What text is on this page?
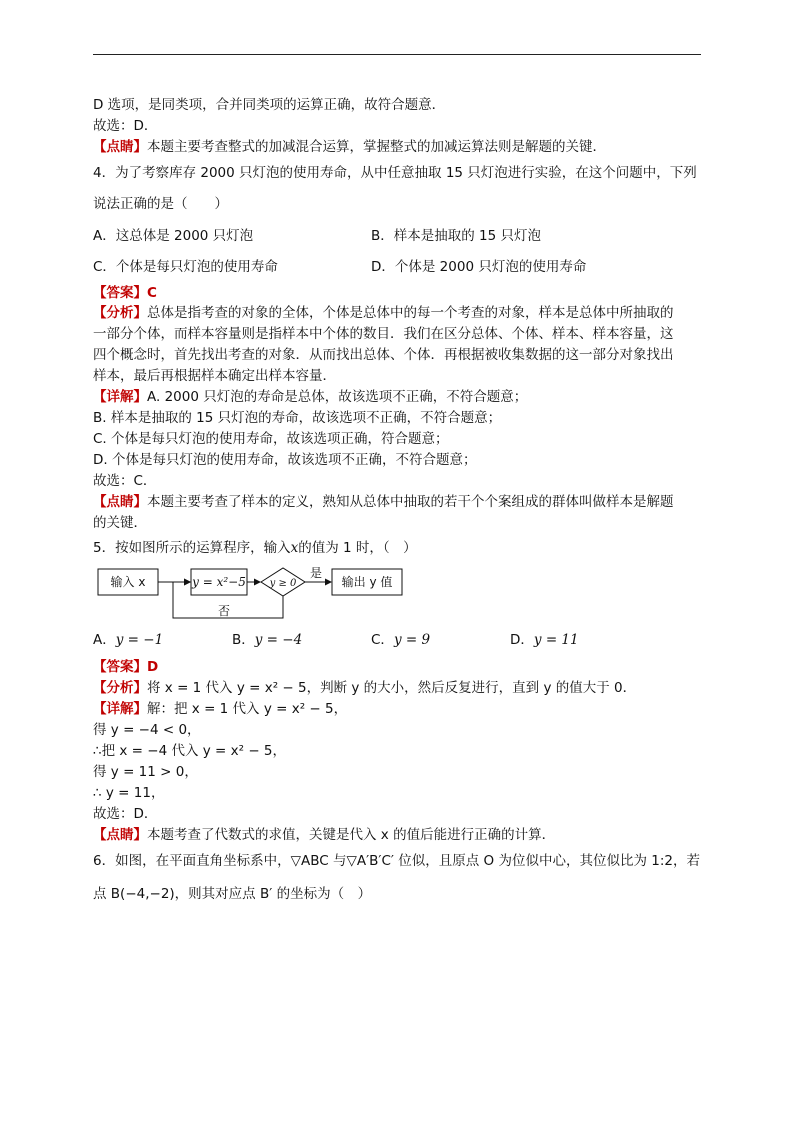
D 选项，是同类项，合并同类项的运算正确，故符合题意．
故选：D．
【点睛】本题主要考查整式的加减混合运算，掌握整式的加减运算法则是解题的关键．
4．为了考察库存 2000 只灯泡的使用寿命，从中任意抽取 15 只灯泡进行实验，在这个问题中，下列
说法正确的是（　　）
A．这总体是 2000 只灯泡	B．样本是抽取的 15 只灯泡
C．个体是每只灯泡的使用寿命	D．个体是 2000 只灯泡的使用寿命
【答案】C
【分析】总体是指考查的对象的全体，个体是总体中的每一个考查的对象，样本是总体中所抽取的
一部分个体，而样本容量则是指样本中个体的数目．我们在区分总体、个体、样本、样本容量，这
四个概念时，首先找出考查的对象．从而找出总体、个体．再根据被收集数据的这一部分对象找出
样本，最后再根据样本确定出样本容量．
【详解】A. 2000 只灯泡的寿命是总体，故该选项不正确，不符合题意；
B. 样本是抽取的 15 只灯泡的寿命，故该选项不正确，不符合题意；
C. 个体是每只灯泡的使用寿命，故该选项正确，符合题意；
D. 个体是每只灯泡的使用寿命，故该选项不正确，不符合题意；
故选：C．
【点睛】本题主要考查了样本的定义，熟知从总体中抽取的若干个个案组成的群体叫做样本是解题
的关键．
5．按如图所示的运算程序，输入x的值为 1 时，（　）
输入 x	y = x²−5 y ≥ 0
是
输出 y 值
否
A．y = −1	B．y = −4	C．y = 9	D．y = 11
【答案】D
【分析】将 x = 1 代入 y = x² − 5，判断 y 的大小，然后反复进行，直到 y 的值大于 0．
【详解】解：把 x = 1 代入 y = x² − 5，
得 y = −4 < 0，
∴把 x = −4 代入 y = x² − 5，
得 y = 11 > 0，
∴ y = 11，
故选：D．
【点睛】本题考查了代数式的求值，关键是代入 x 的值后能进行正确的计算．
6．如图，在平面直角坐标系中，▽ABC 与▽A′B′C′ 位似，且原点 O 为位似中心，其位似比为 1:2，若
点 B(−4,−2)，则其对应点 B′ 的坐标为（　）
